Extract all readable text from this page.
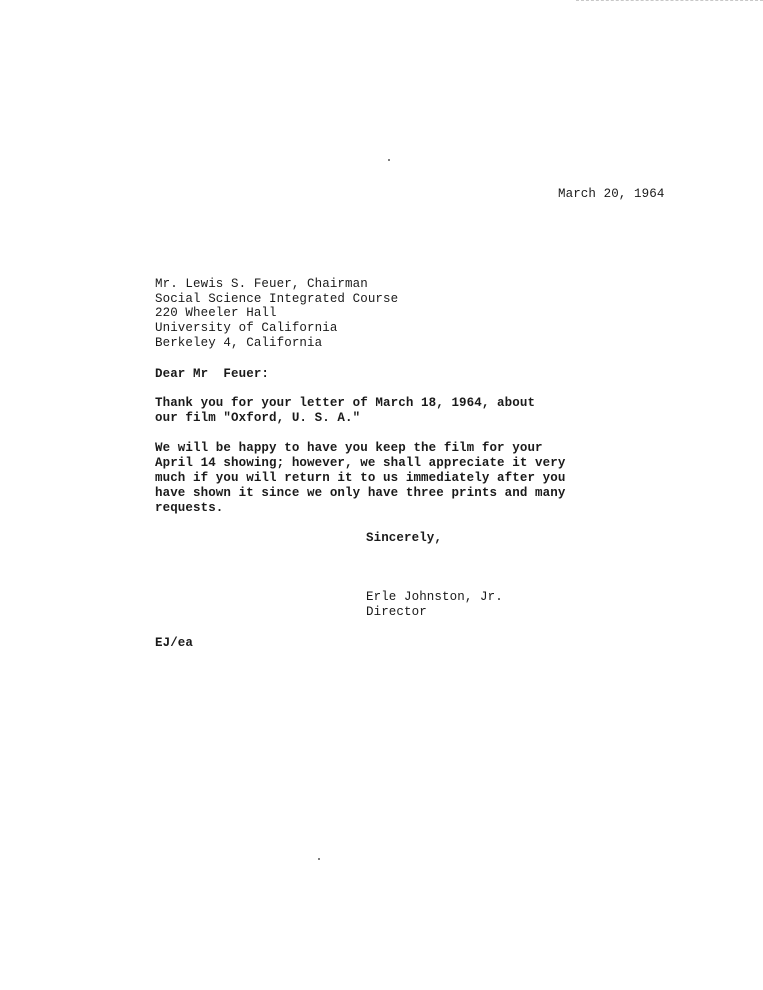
March 20, 1964
Mr. Lewis S. Feuer, Chairman
Social Science Integrated Course
220 Wheeler Hall
University of California
Berkeley 4, California
Dear Mr  Feuer:
Thank you for your letter of March 18, 1964, about
our film "Oxford, U. S. A."
We will be happy to have you keep the film for your
April 14 showing; however, we shall appreciate it very
much if you will return it to us immediately after you
have shown it since we only have three prints and many
requests.
Sincerely,
Erle Johnston, Jr.
Director
EJ/ea
